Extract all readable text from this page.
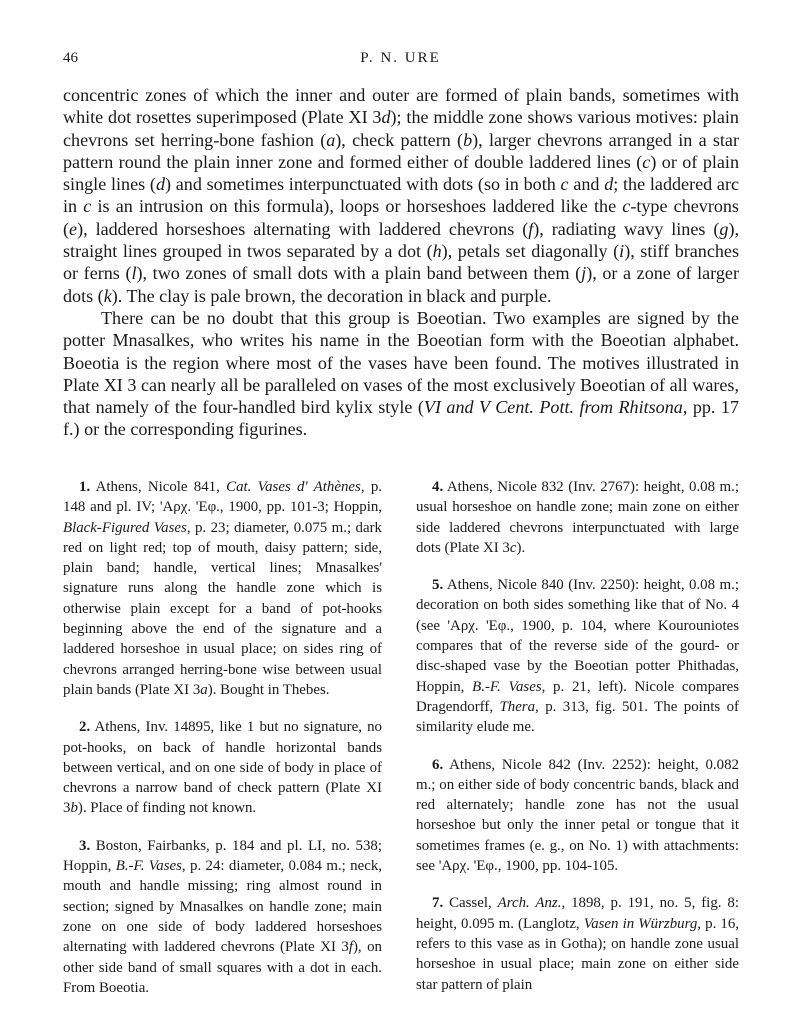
46	P. N. URE

concentric zones of which the inner and outer are formed of plain bands, sometimes with white dot rosettes superimposed (Plate XI 3d); the middle zone shows various motives: plain chevrons set herring-bone fashion (a), check pattern (b), larger chevrons arranged in a star pattern round the plain inner zone and formed either of double laddered lines (c) or of plain single lines (d) and sometimes interpunctuated with dots (so in both c and d; the laddered arc in c is an intrusion on this formula), loops or horseshoes laddered like the c-type chevrons (e), laddered horseshoes alternating with laddered chevrons (f), radiating wavy lines (g), straight lines grouped in twos separated by a dot (h), petals set diagonally (i), stiff branches or ferns (l), two zones of small dots with a plain band between them (j), or a zone of larger dots (k). The clay is pale brown, the decoration in black and purple.

There can be no doubt that this group is Boeotian. Two examples are signed by the potter Mnasalkes, who writes his name in the Boeotian form with the Boeotian alphabet. Boeotia is the region where most of the vases have been found. The motives illustrated in Plate XI 3 can nearly all be paralleled on vases of the most exclusively Boeotian of all wares, that namely of the four-handled bird kylix style (VI and V Cent. Pott. from Rhitsona, pp. 17 f.) or the corresponding figurines.

1. Athens, Nicole 841, Cat. Vases d' Athènes, p. 148 and pl. IV; 'Αρχ. 'Εφ., 1900, pp. 101-3; Hoppin, Black-Figured Vases, p. 23; diameter, 0.075 m.; dark red on light red; top of mouth, daisy pattern; side, plain band; handle, vertical lines; Mnasalkes' signature runs along the handle zone which is otherwise plain except for a band of pot-hooks beginning above the end of the signature and a laddered horseshoe in usual place; on sides ring of chevrons arranged herring-bone wise between usual plain bands (Plate XI 3a). Bought in Thebes.

2. Athens, Inv. 14895, like 1 but no signature, no pot-hooks, on back of handle horizontal bands between vertical, and on one side of body in place of chevrons a narrow band of check pattern (Plate XI 3b). Place of finding not known.

3. Boston, Fairbanks, p. 184 and pl. LI, no. 538; Hoppin, B.-F. Vases, p. 24: diameter, 0.084 m.; neck, mouth and handle missing; ring almost round in section; signed by Mnasalkes on handle zone; main zone on one side of body laddered horseshoes alternating with laddered chevrons (Plate XI 3f), on other side band of small squares with a dot in each. From Boeotia.

4. Athens, Nicole 832 (Inv. 2767): height, 0.08 m.; usual horseshoe on handle zone; main zone on either side laddered chevrons interpunctuated with large dots (Plate XI 3c).

5. Athens, Nicole 840 (Inv. 2250): height, 0.08 m.; decoration on both sides something like that of No. 4 (see 'Αρχ. 'Εφ., 1900, p. 104, where Kourouniotes compares that of the reverse side of the gourd- or disc-shaped vase by the Boeotian potter Phithadas, Hoppin, B.-F. Vases, p. 21, left). Nicole compares Dragendorff, Thera, p. 313, fig. 501. The points of similarity elude me.

6. Athens, Nicole 842 (Inv. 2252): height, 0.082 m.; on either side of body concentric bands, black and red alternately; handle zone has not the usual horseshoe but only the inner petal or tongue that it sometimes frames (e. g., on No. 1) with attachments: see 'Αρχ. 'Εφ., 1900, pp. 104-105.

7. Cassel, Arch. Anz., 1898, p. 191, no. 5, fig. 8: height, 0.095 m. (Langlotz, Vasen in Würzburg, p. 16, refers to this vase as in Gotha); on handle zone usual horseshoe in usual place; main zone on either side star pattern of plain
